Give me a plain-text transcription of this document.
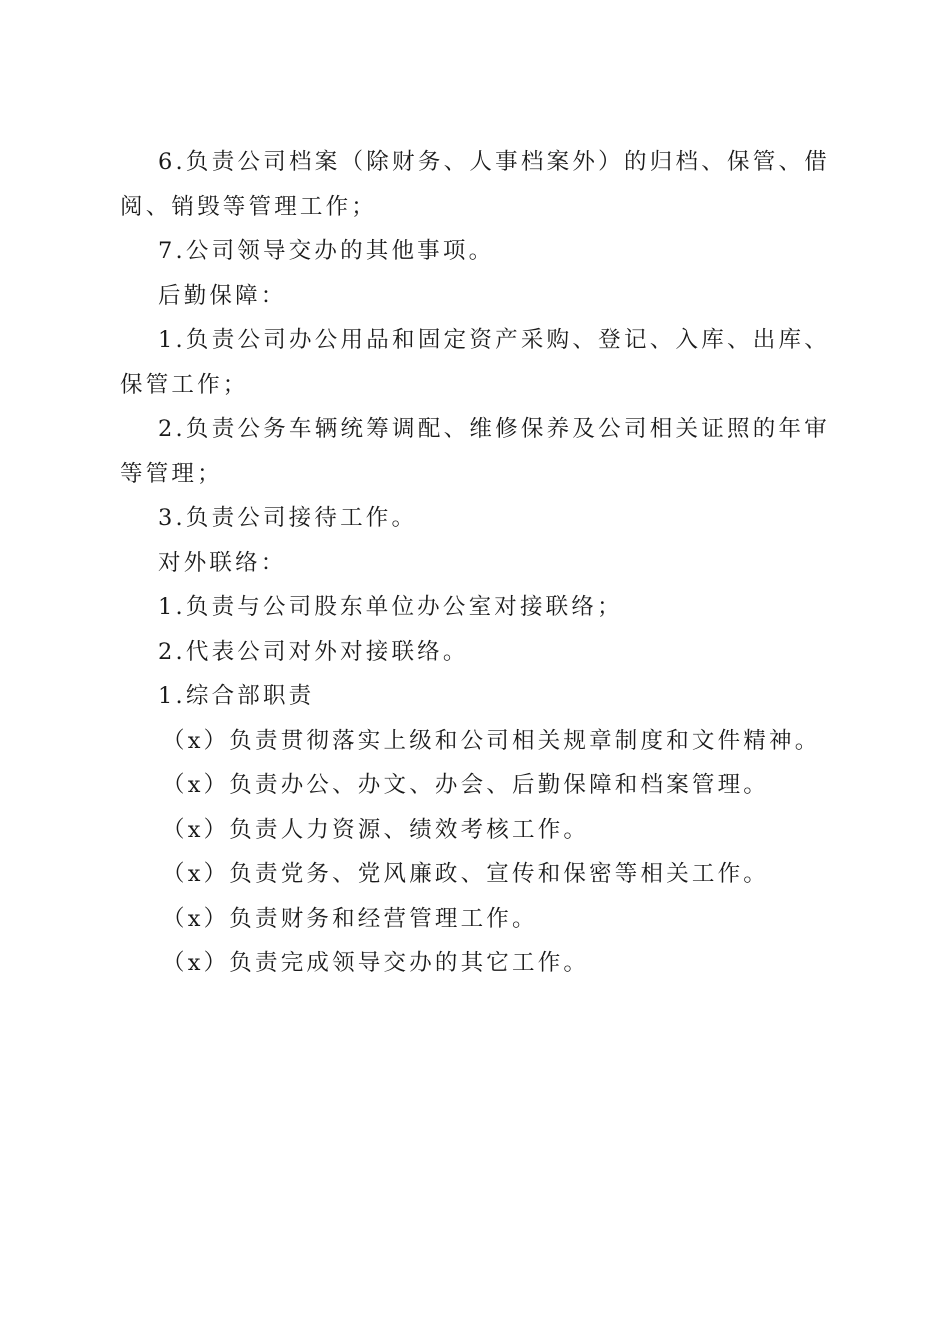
6.负责公司档案（除财务、人事档案外）的归档、保管、借阅、销毁等管理工作；

7.公司领导交办的其他事项。

后勤保障：

1.负责公司办公用品和固定资产采购、登记、入库、出库、保管工作；

2.负责公务车辆统筹调配、维修保养及公司相关证照的年审等管理；

3.负责公司接待工作。

对外联络：

1.负责与公司股东单位办公室对接联络；

2.代表公司对外对接联络。

1.综合部职责

（x）负责贯彻落实上级和公司相关规章制度和文件精神。

（x）负责办公、办文、办会、后勤保障和档案管理。

（x）负责人力资源、绩效考核工作。

（x）负责党务、党风廉政、宣传和保密等相关工作。

（x）负责财务和经营管理工作。

（x）负责完成领导交办的其它工作。
